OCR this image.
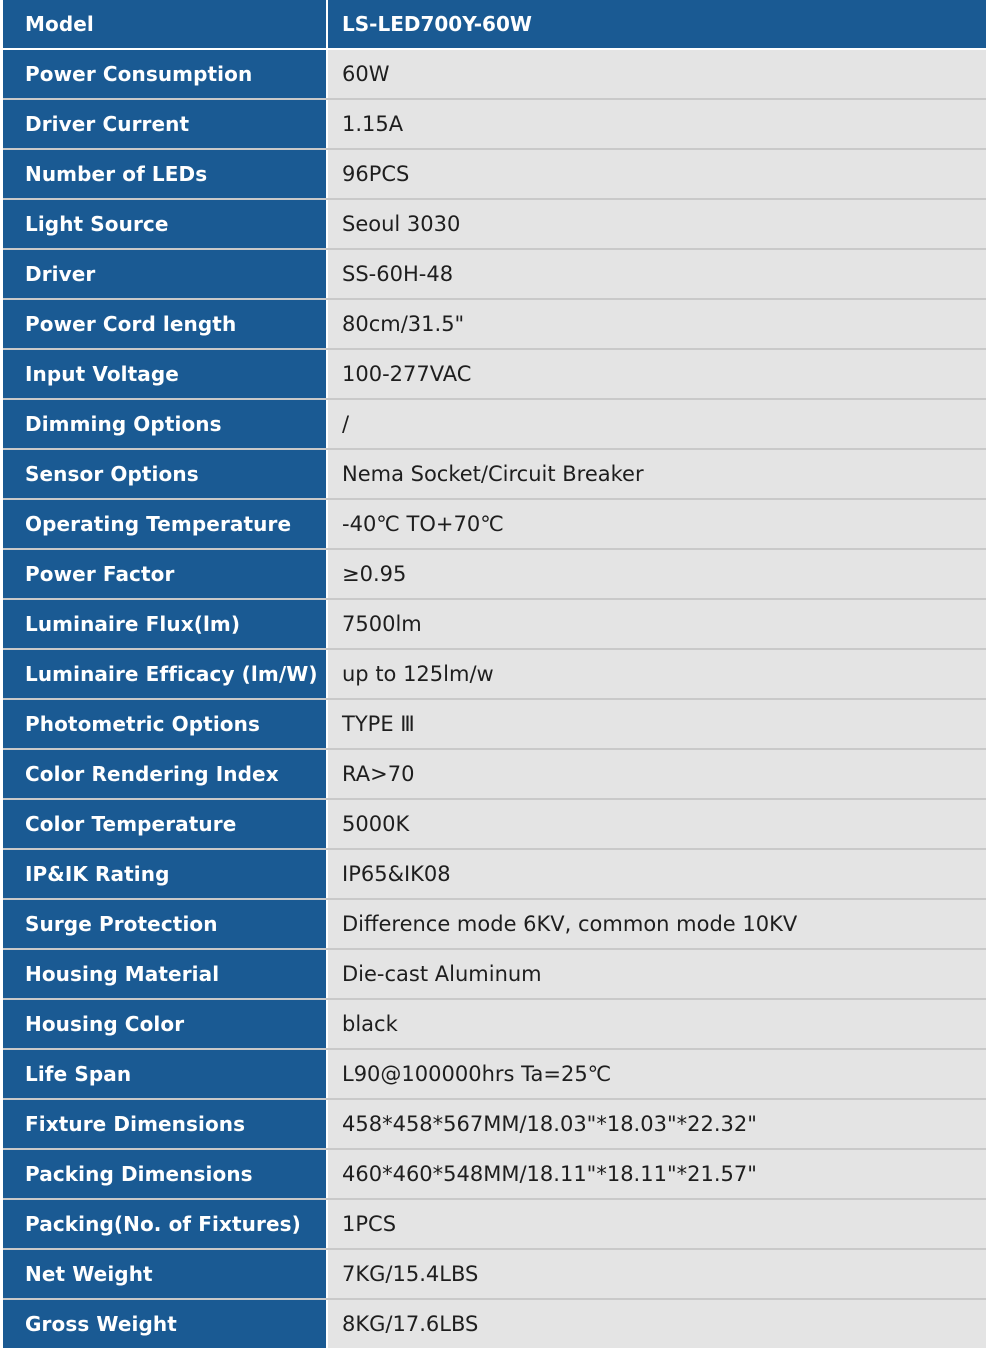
Model	LS-LED700Y-60W
Power Consumption	60W
Driver Current	1.15A
Number of LEDs	96PCS
Light Source	Seoul 3030
Driver	SS-60H-48
Power Cord length	80cm/31.5"
Input Voltage	100-277VAC
Dimming Options	/
Sensor Options	Nema Socket/Circuit Breaker
Operating Temperature	-40℃ TO+70℃
Power Factor	≥0.95
Luminaire Flux(lm)	7500lm
Luminaire Efficacy (lm/W)	up to 125lm/w
Photometric Options	TYPE Ⅲ
Color Rendering Index	RA>70
Color Temperature	5000K
IP&IK Rating	IP65&IK08
Surge Protection	Difference mode 6KV, common mode 10KV
Housing Material	Die-cast Aluminum
Housing Color	black
Life Span	L90@100000hrs Ta=25℃
Fixture Dimensions	458*458*567MM/18.03"*18.03"*22.32"
Packing Dimensions	460*460*548MM/18.11"*18.11"*21.57"
Packing(No. of Fixtures)	1PCS
Net Weight	7KG/15.4LBS
Gross Weight	8KG/17.6LBS
